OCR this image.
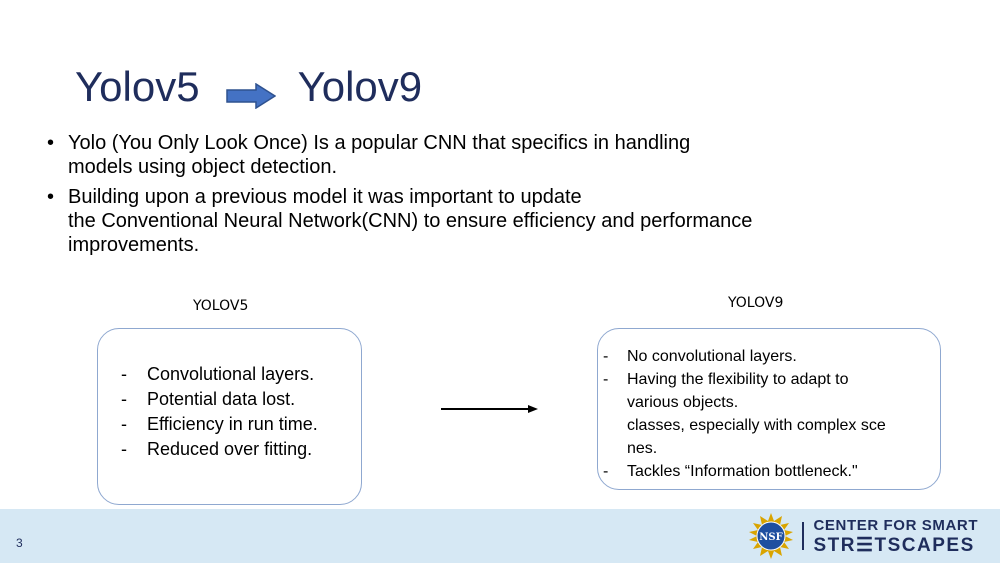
Yolov5 Yolov9
• Yolo (You Only Look Once) Is a popular CNN that specifics in handling
models using object detection.
• Building upon a previous model it was important to update
the Conventional Neural Network(CNN) to ensure efficiency and performance
improvements.
YOLOV5	YOLOV9
- Convolutional layers.
- Potential data lost.
- Efficiency in run time.
- Reduced over fitting.
- No convolutional layers.
- Having the flexibility to adapt to
various objects.
classes, especially with complex sce
nes.
- Tackles “Information bottleneck."
3	NSF
CENTER FOR SMART
STR☰TSCAPES
